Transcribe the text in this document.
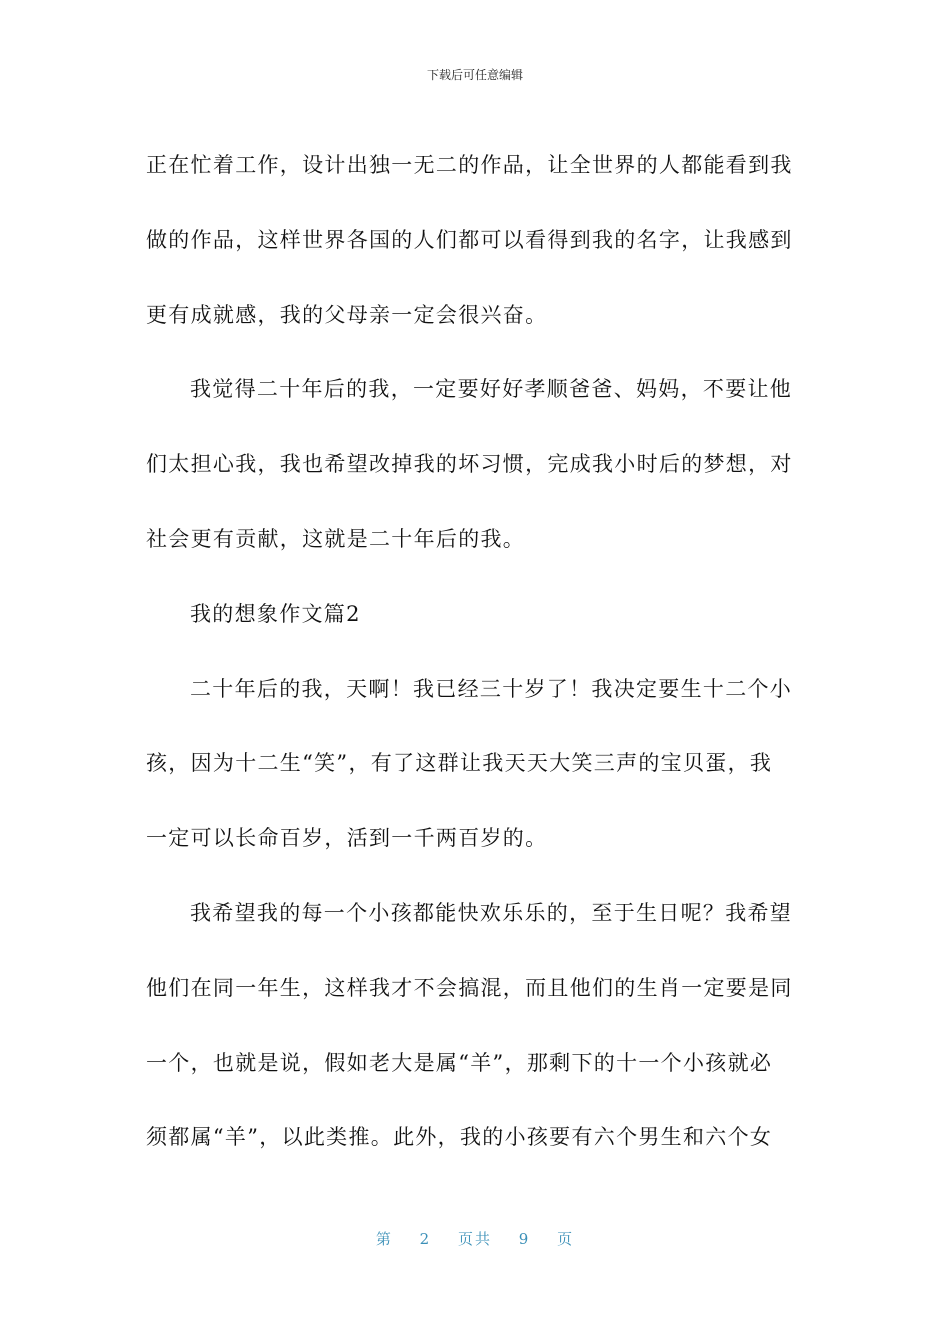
下载后可任意编辑
正在忙着工作，设计出独一无二的作品，让全世界的人都能看到我
做的作品，这样世界各国的人们都可以看得到我的名字，让我感到
更有成就感，我的父母亲一定会很兴奋。
我觉得二十年后的我，一定要好好孝顺爸爸、妈妈，不要让他
们太担心我，我也希望改掉我的坏习惯，完成我小时后的梦想，对
社会更有贡献，这就是二十年后的我。
我的想象作文篇2
二十年后的我，天啊！我已经三十岁了！我决定要生十二个小
孩，因为十二生“笑”，有了这群让我天天大笑三声的宝贝蛋，我
一定可以长命百岁，活到一千两百岁的。
我希望我的每一个小孩都能快欢乐乐的，至于生日呢？我希望
他们在同一年生，这样我才不会搞混，而且他们的生肖一定要是同
一个，也就是说，假如老大是属“羊”，那剩下的十一个小孩就必
须都属“羊”，以此类推。此外，我的小孩要有六个男生和六个女
第 2 页共 9 页
